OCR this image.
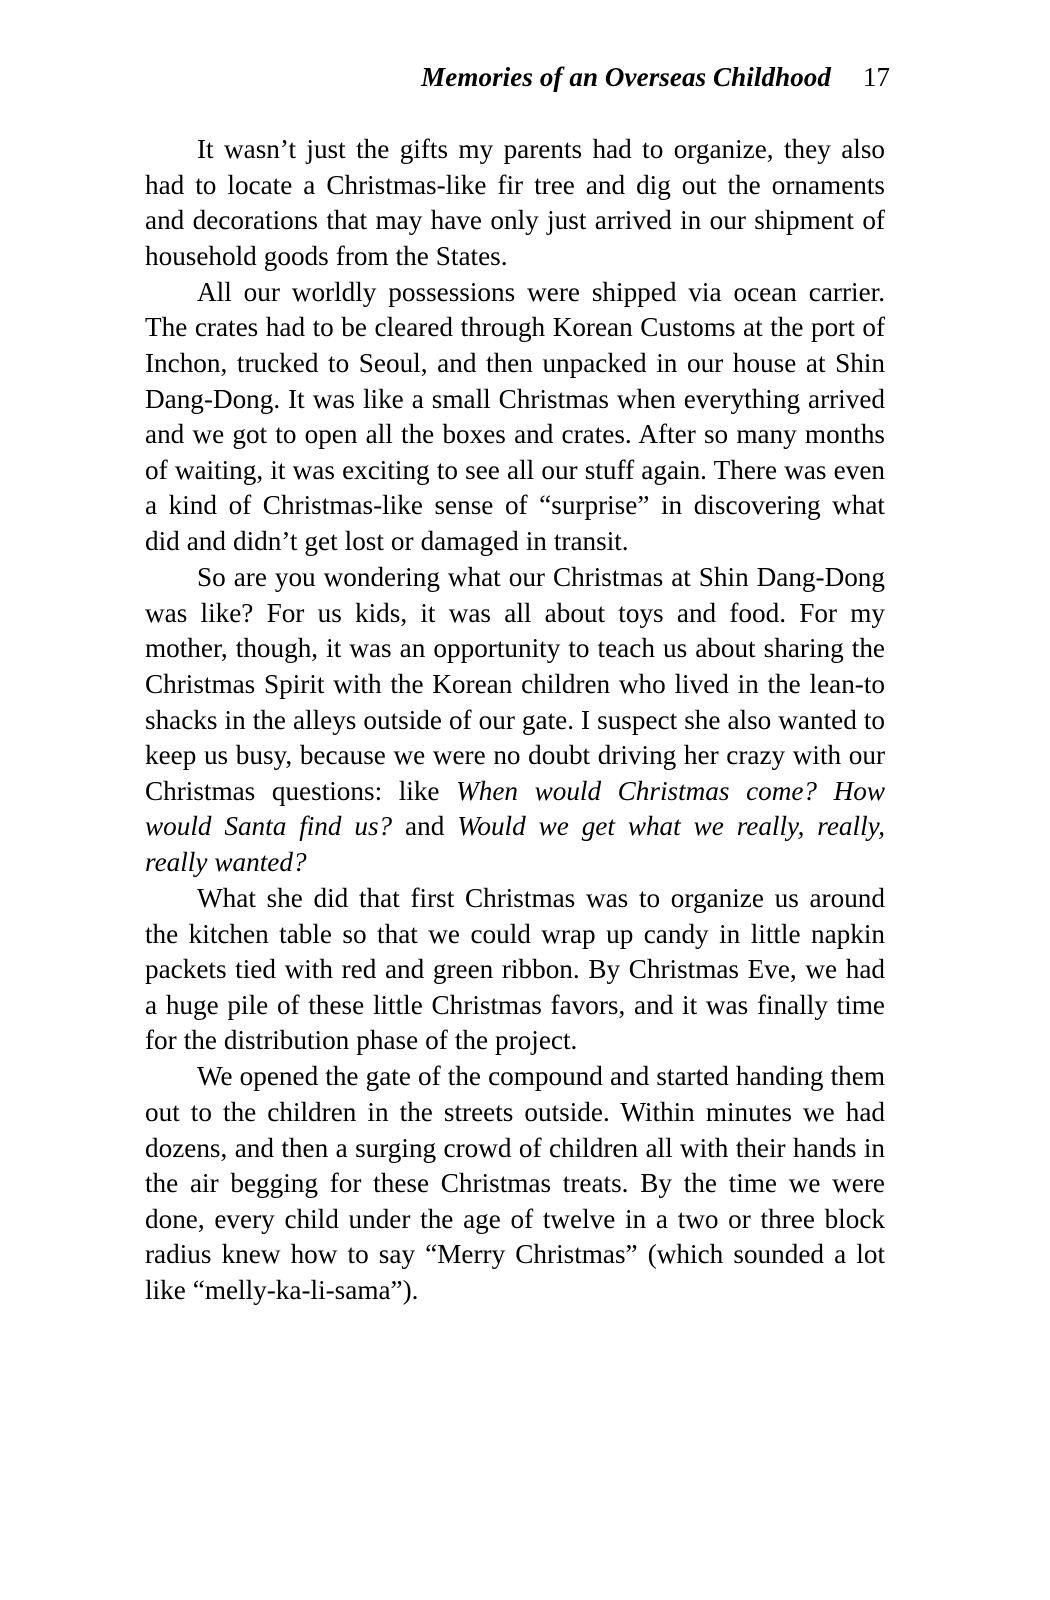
Memories of an Overseas Childhood 17

It wasn’t just the gifts my parents had to organize, they also had to locate a Christmas-like fir tree and dig out the ornaments and decorations that may have only just arrived in our shipment of household goods from the States.

All our worldly possessions were shipped via ocean carrier. The crates had to be cleared through Korean Customs at the port of Inchon, trucked to Seoul, and then unpacked in our house at Shin Dang-Dong. It was like a small Christmas when everything arrived and we got to open all the boxes and crates. After so many months of waiting, it was exciting to see all our stuff again. There was even a kind of Christmas-like sense of “surprise” in discovering what did and didn’t get lost or damaged in transit.

So are you wondering what our Christmas at Shin Dang-Dong was like? For us kids, it was all about toys and food. For my mother, though, it was an opportunity to teach us about sharing the Christmas Spirit with the Korean children who lived in the lean-to shacks in the alleys outside of our gate. I suspect she also wanted to keep us busy, because we were no doubt driving her crazy with our Christmas questions: like When would Christmas come? How would Santa find us? and Would we get what we really, really, really wanted?

What she did that first Christmas was to organize us around the kitchen table so that we could wrap up candy in little napkin packets tied with red and green ribbon. By Christmas Eve, we had a huge pile of these little Christmas favors, and it was finally time for the distribution phase of the project.

We opened the gate of the compound and started handing them out to the children in the streets outside. Within minutes we had dozens, and then a surging crowd of children all with their hands in the air begging for these Christmas treats. By the time we were done, every child under the age of twelve in a two or three block radius knew how to say “Merry Christmas” (which sounded a lot like “melly-ka-li-sama”).
